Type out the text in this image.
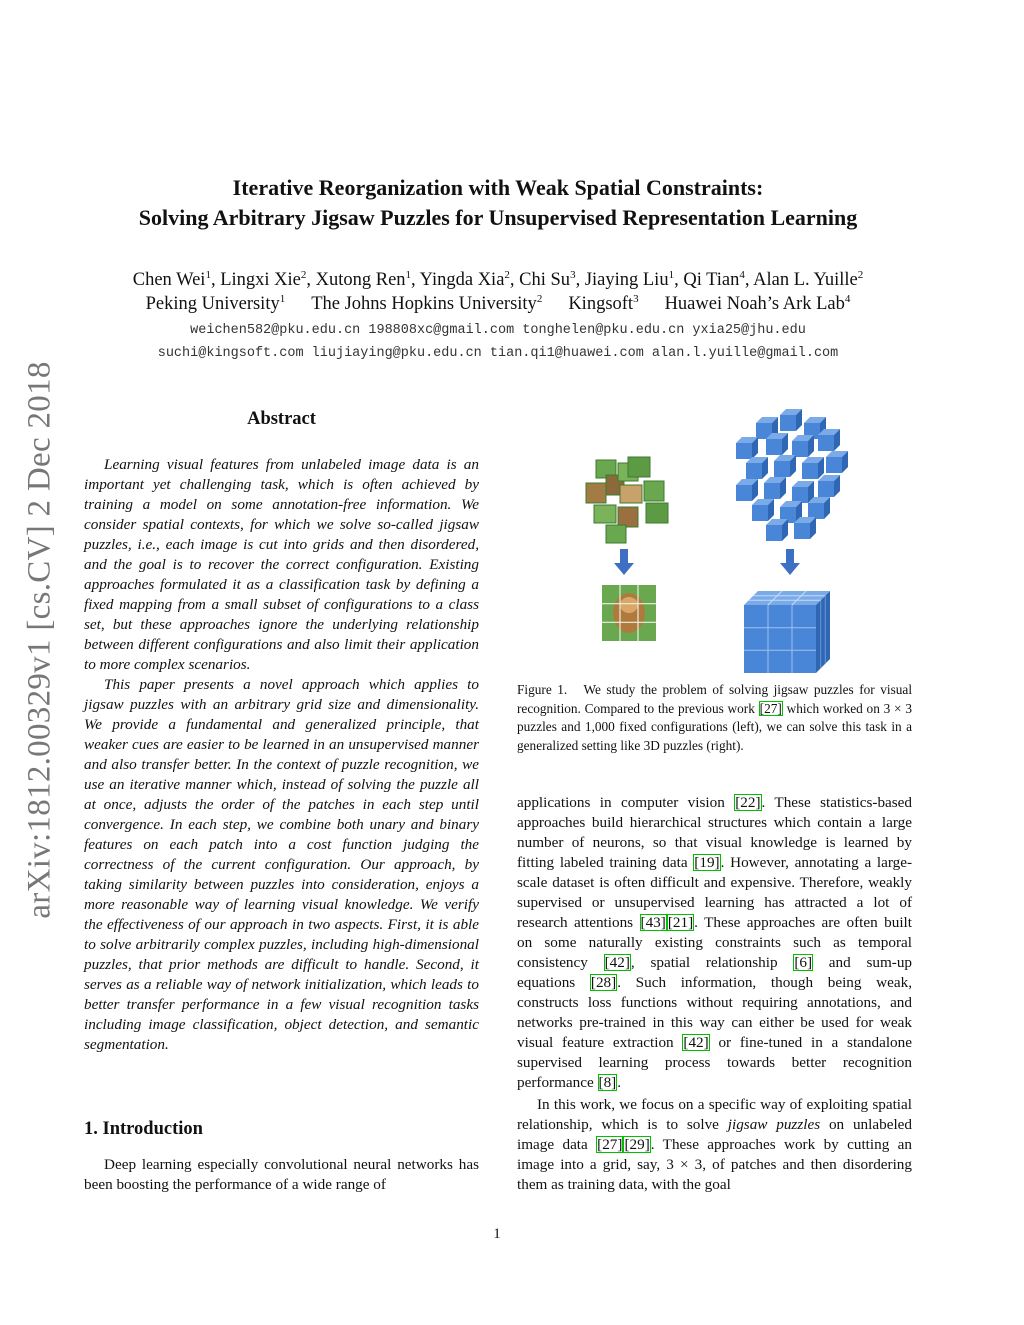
arXiv:1812.00329v1 [cs.CV] 2 Dec 2018
Iterative Reorganization with Weak Spatial Constraints:
Solving Arbitrary Jigsaw Puzzles for Unsupervised Representation Learning
Chen Wei$^1$, Lingxi Xie$^2$, Xutong Ren$^1$, Yingda Xia$^2$, Chi Su$^3$, Jiaying Liu$^1$, Qi Tian$^4$, Alan L. Yuille$^2$
Peking University$^1$ The Johns Hopkins University$^2$ Kingsoft$^3$ Huawei Noah’s Ark Lab$^4$
weichen582@pku.edu.cn 198808xc@gmail.com tonghelen@pku.edu.cn yxia25@jhu.edu
suchi@kingsoft.com liujiaying@pku.edu.cn tian.qi1@huawei.com alan.l.yuille@gmail.com
Abstract

Learning visual features from unlabeled image data is an important yet challenging task, which is often achieved by training a model on some annotation-free information. We consider spatial contexts, for which we solve so-called jigsaw puzzles, i.e., each image is cut into grids and then disordered, and the goal is to recover the correct configuration. Existing approaches formulated it as a classification task by defining a fixed mapping from a small subset of configurations to a class set, but these approaches ignore the underlying relationship between different configurations and also limit their application to more complex scenarios.

This paper presents a novel approach which applies to jigsaw puzzles with an arbitrary grid size and dimensionality. We provide a fundamental and generalized principle, that weaker cues are easier to be learned in an unsupervised manner and also transfer better. In the context of puzzle recognition, we use an iterative manner which, instead of solving the puzzle all at once, adjusts the order of the patches in each step until convergence. In each step, we combine both unary and binary features on each patch into a cost function judging the correctness of the current configuration. Our approach, by taking similarity between puzzles into consideration, enjoys a more reasonable way of learning visual knowledge. We verify the effectiveness of our approach in two aspects. First, it is able to solve arbitrarily complex puzzles, including high-dimensional puzzles, that prior methods are difficult to handle. Second, it serves as a reliable way of network initialization, which leads to better transfer performance in a few visual recognition tasks including image classification, object detection, and semantic segmentation.

1. Introduction

Deep learning especially convolutional neural networks has been boosting the performance of a wide range of

Figure 1. We study the problem of solving jigsaw puzzles for visual recognition. Compared to the previous work [27] which worked on 3 × 3 puzzles and 1,000 fixed configurations (left), we can solve this task in a generalized setting like 3D puzzles (right).

applications in computer vision [22]. These statistics-based approaches build hierarchical structures which contain a large number of neurons, so that visual knowledge is learned by fitting labeled training data [19]. However, annotating a large-scale dataset is often difficult and expensive. Therefore, weakly supervised or unsupervised learning has attracted a lot of research attentions [43] [21]. These approaches are often built on some naturally existing constraints such as temporal consistency [42], spatial relationship [6] and sum-up equations [28]. Such information, though being weak, constructs loss functions without requiring annotations, and networks pre-trained in this way can either be used for weak visual feature extraction [42] or fine-tuned in a standalone supervised learning process towards better recognition performance [8].

In this work, we focus on a specific way of exploiting spatial relationship, which is to solve jigsaw puzzles on unlabeled image data [27] [29]. These approaches work by cutting an image into a grid, say, 3 × 3, of patches and then disordering them as training data, with the goal

1
